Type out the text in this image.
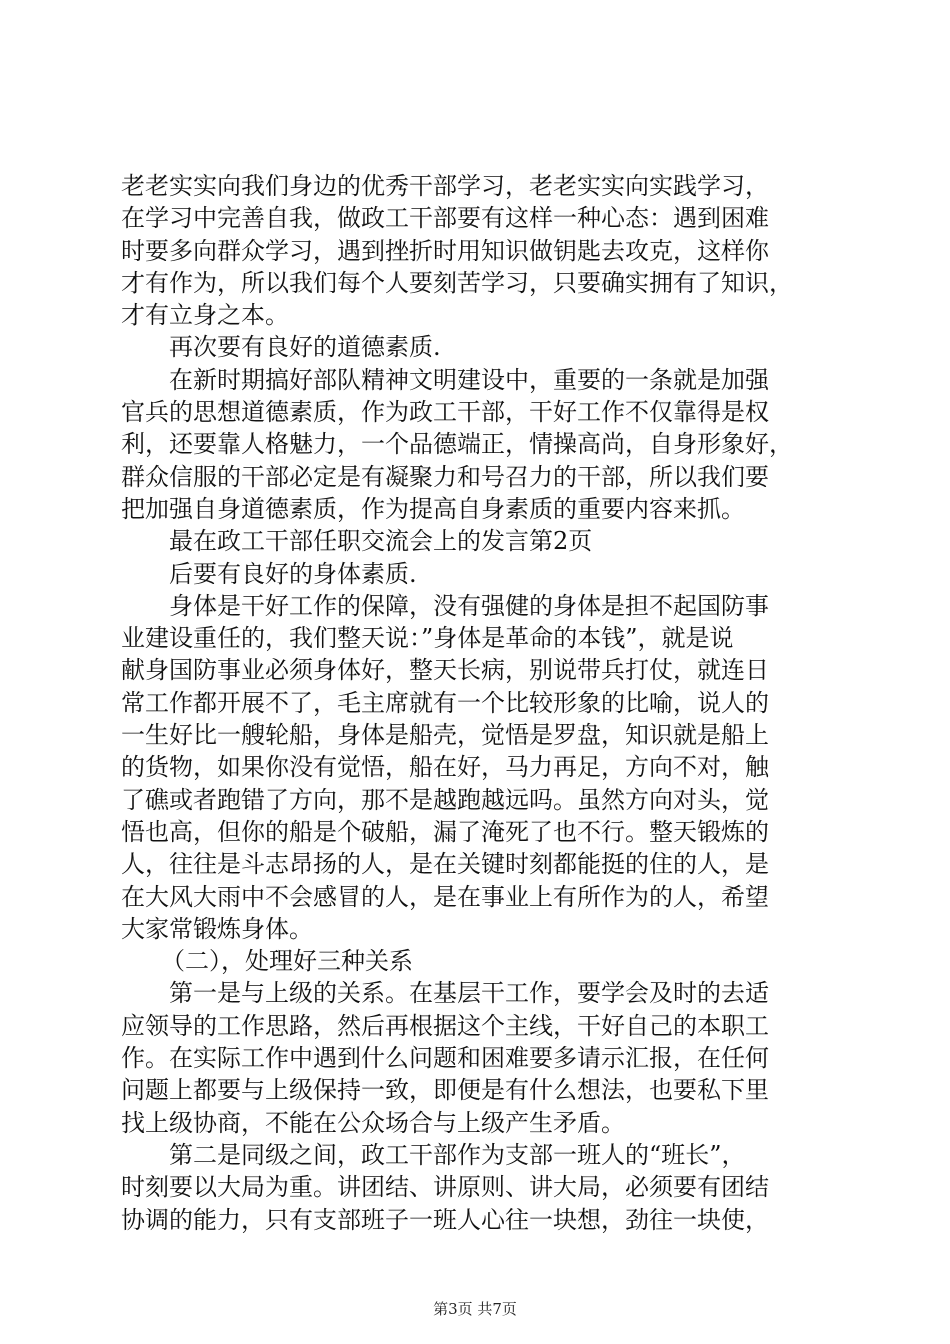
老老实实向我们身边的优秀干部学习，老老实实向实践学习，
在学习中完善自我，做政工干部要有这样一种心态：遇到困难
时要多向群众学习，遇到挫折时用知识做钥匙去攻克，这样你
才有作为，所以我们每个人要刻苦学习，只要确实拥有了知识，
才有立身之本。
再次要有良好的道德素质.
在新时期搞好部队精神文明建设中，重要的一条就是加强
官兵的思想道德素质，作为政工干部，干好工作不仅靠得是权
利，还要靠人格魅力，一个品德端正，情操高尚，自身形象好，
群众信服的干部必定是有凝聚力和号召力的干部，所以我们要
把加强自身道德素质，作为提高自身素质的重要内容来抓。
最在政工干部任职交流会上的发言第2页
后要有良好的身体素质.
身体是干好工作的保障，没有强健的身体是担不起国防事
业建设重任的，我们整天说：”身体是革命的本钱”，就是说
献身国防事业必须身体好，整天长病，别说带兵打仗，就连日
常工作都开展不了，毛主席就有一个比较形象的比喻，说人的
一生好比一艘轮船，身体是船壳，觉悟是罗盘，知识就是船上
的货物，如果你没有觉悟，船在好，马力再足，方向不对，触
了礁或者跑错了方向，那不是越跑越远吗。虽然方向对头，觉
悟也高，但你的船是个破船，漏了淹死了也不行。整天锻炼的
人，往往是斗志昂扬的人，是在关键时刻都能挺的住的人，是
在大风大雨中不会感冒的人，是在事业上有所作为的人，希望
大家常锻炼身体。
（二），处理好三种关系
第一是与上级的关系。在基层干工作，要学会及时的去适
应领导的工作思路，然后再根据这个主线，干好自己的本职工
作。在实际工作中遇到什么问题和困难要多请示汇报，在任何
问题上都要与上级保持一致，即便是有什么想法，也要私下里
找上级协商，不能在公众场合与上级产生矛盾。
第二是同级之间，政工干部作为支部一班人的“班长”，
时刻要以大局为重。讲团结、讲原则、讲大局，必须要有团结
协调的能力，只有支部班子一班人心往一块想，劲往一块使，
第3页 共7页
